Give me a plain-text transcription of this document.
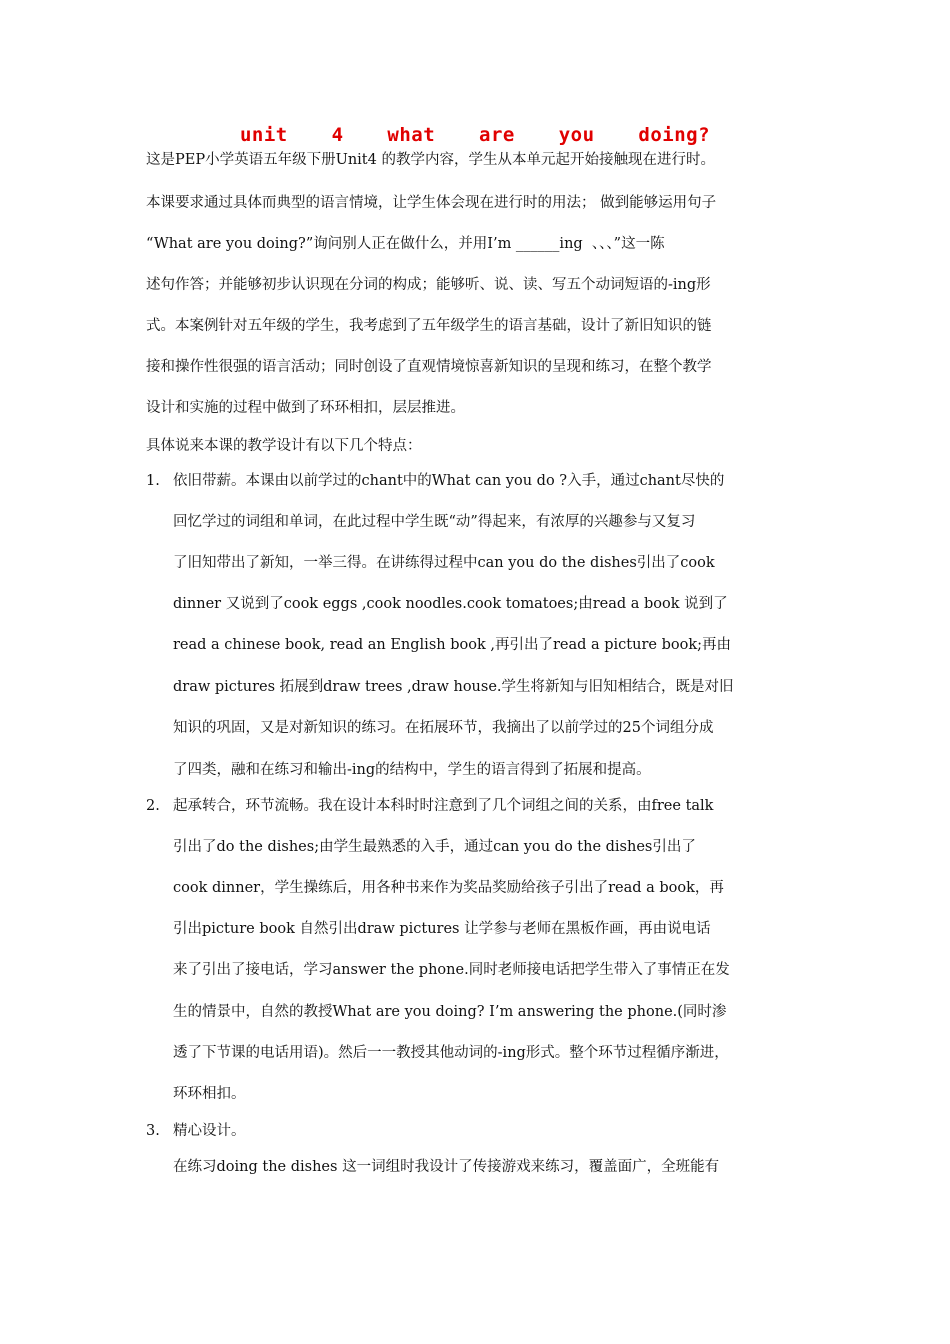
unit  4  what  are  you  doing?
这是PEP小学英语五年级下册Unit4 的教学内容，学生从本单元起开始接触现在进行时。
本课要求通过具体而典型的语言情境，让学生体会现在进行时的用法； 做到能够运用句子
“What are you doing?”询问别人正在做什么，并用I’m ______ing  、、、”这一陈
述句作答；并能够初步认识现在分词的构成；能够听、说、读、写五个动词短语的-ing形
式。本案例针对五年级的学生，我考虑到了五年级学生的语言基础，设计了新旧知识的链
接和操作性很强的语言活动；同时创设了直观情境惊喜新知识的呈现和练习，在整个教学
设计和实施的过程中做到了环环相扣，层层推进。
具体说来本课的教学设计有以下几个特点：
1. 依旧带薪。本课由以前学过的chant中的What can you do ?入手，通过chant尽快的
回忆学过的词组和单词，在此过程中学生既“动”得起来，有浓厚的兴趣参与又复习
了旧知带出了新知，一举三得。在讲练得过程中can you do the dishes引出了cook
dinner 又说到了cook eggs ,cook noodles.cook tomatoes;由read a book 说到了
read a chinese book, read an English book ,再引出了read a picture book;再由
draw pictures 拓展到draw trees ,draw house.学生将新知与旧知相结合，既是对旧
知识的巩固，又是对新知识的练习。在拓展环节，我摘出了以前学过的25个词组分成
了四类，融和在练习和输出-ing的结构中，学生的语言得到了拓展和提高。
2. 起承转合，环节流畅。我在设计本科时时注意到了几个词组之间的关系，由free talk
引出了do the dishes;由学生最熟悉的入手，通过can you do the dishes引出了
cook dinner，学生操练后，用各种书来作为奖品奖励给孩子引出了read a book，再
引出picture book 自然引出draw pictures 让学参与老师在黑板作画，再由说电话
来了引出了接电话，学习answer the phone.同时老师接电话把学生带入了事情正在发
生的情景中，自然的教授What are you doing? I’m answering the phone.(同时渗
透了下节课的电话用语)。然后一一教授其他动词的-ing形式。整个环节过程循序渐进，
环环相扣。
3. 精心设计。
在练习doing the dishes 这一词组时我设计了传接游戏来练习，覆盖面广，全班能有
